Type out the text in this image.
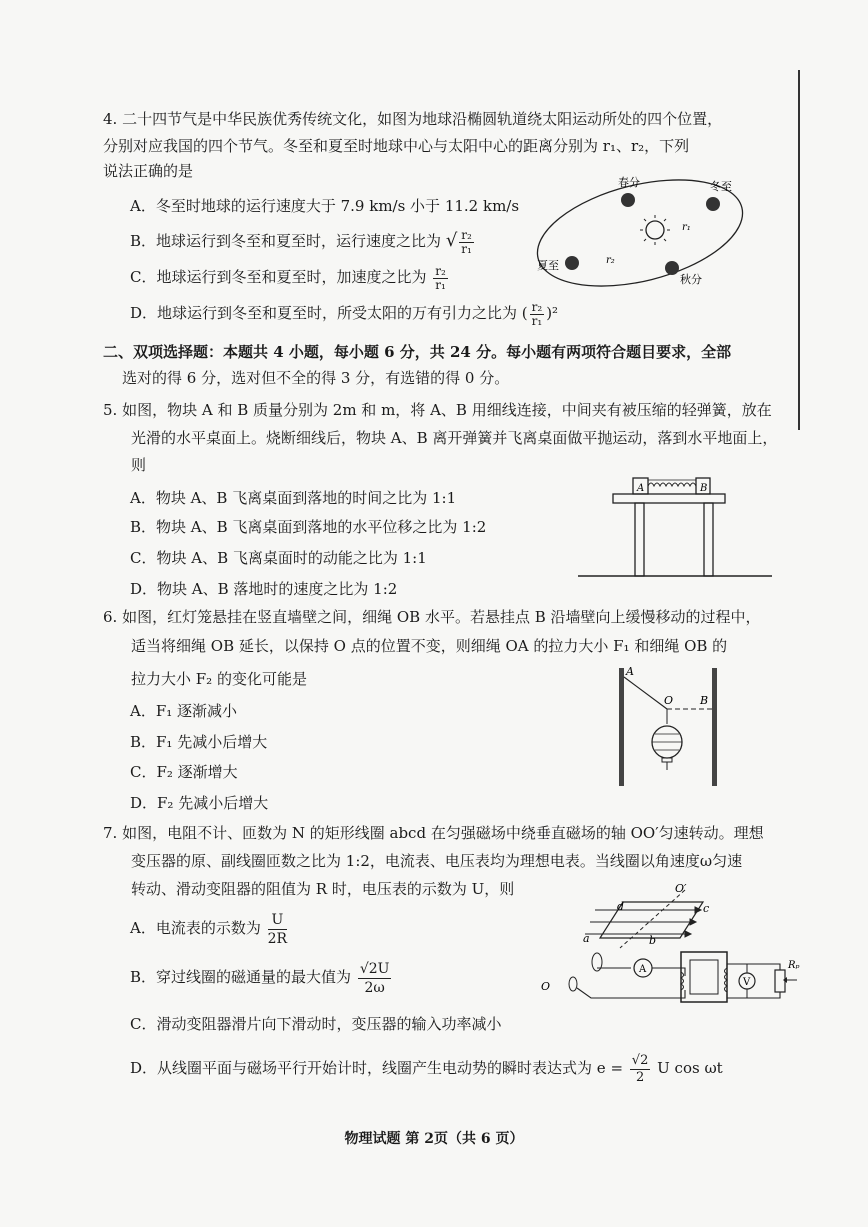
4. 二十四节气是中华民族优秀传统文化，如图为地球沿椭圆轨道绕太阳运动所处的四个位置，
分别对应我国的四个节气。冬至和夏至时地球中心与太阳中心的距离分别为 r₁、r₂，下列
说法正确的是
A．冬至时地球的运行速度大于 7.9 km/s 小于 11.2 km/s
B．地球运行到冬至和夏至时，运行速度之比为 √ $\frac{\text{r₂}}{\text{r₁}}$
C．地球运行到冬至和夏至时，加速度之比为 $\frac{\text{r₂}}{\text{r₁}}$
D．地球运行到冬至和夏至时，所受太阳的万有引力之比为 ( $\frac{\text{r₂}}{\text{r₁}} )^2$
春分	冬至
夏至
秋分
r₁
r₂
二、双项选择题：本题共 4 小题，每小题 6 分，共 24 分。每小题有两项符合题目要求，全部
选对的得 6 分，选对但不全的得 3 分，有选错的得 0 分。
5. 如图，物块 A 和 B 质量分别为 2m 和 m，将 A、B 用细线连接，中间夹有被压缩的轻弹簧，放在
光滑的水平桌面上。烧断细线后，物块 A、B 离开弹簧并飞离桌面做平抛运动，落到水平地面上，
则
A．物块 A、B 飞离桌面到落地的时间之比为 1:1
B．物块 A、B 飞离桌面到落地的水平位移之比为 1:2
C．物块 A、B 飞离桌面时的动能之比为 1:1
D．物块 A、B 落地时的速度之比为 1:2
A	B
6. 如图，红灯笼悬挂在竖直墙壁之间，细绳 OB 水平。若悬挂点 B 沿墙壁向上缓慢移动的过程中，
适当将细绳 OB 延长，以保持 O 点的位置不变，则细绳 OA 的拉力大小 F₁ 和细绳 OB 的
拉力大小 F₂ 的变化可能是
A．F₁ 逐渐减小
B．F₁ 先减小后增大
C．F₂ 逐渐增大
D．F₂ 先减小后增大
A
O B
7. 如图，电阻不计、匝数为 N 的矩形线圈 abcd 在匀强磁场中绕垂直磁场的轴 OO′匀速转动。理想
变压器的原、副线圈匝数之比为 1:2，电流表、电压表均为理想电表。当线圈以角速度ω匀速
转动、滑动变阻器的阻值为 R 时，电压表的示数为 U，则
A．电流表的示数为 $\frac{U}{2R}$
B．穿过线圈的磁通量的最大值为 $\frac{√2U}{2\omega}$
C．滑动变阻器滑片向下滑动时，变压器的输入功率减小
D．从线圈平面与磁场平行开始计时，线圈产生电动势的瞬时表达式为 $e = \frac{√2}{2}$ U cos ωt
O′
d	c
a	b
O
A
V
Rₚ
物理试题 第 2页（共 6 页）
